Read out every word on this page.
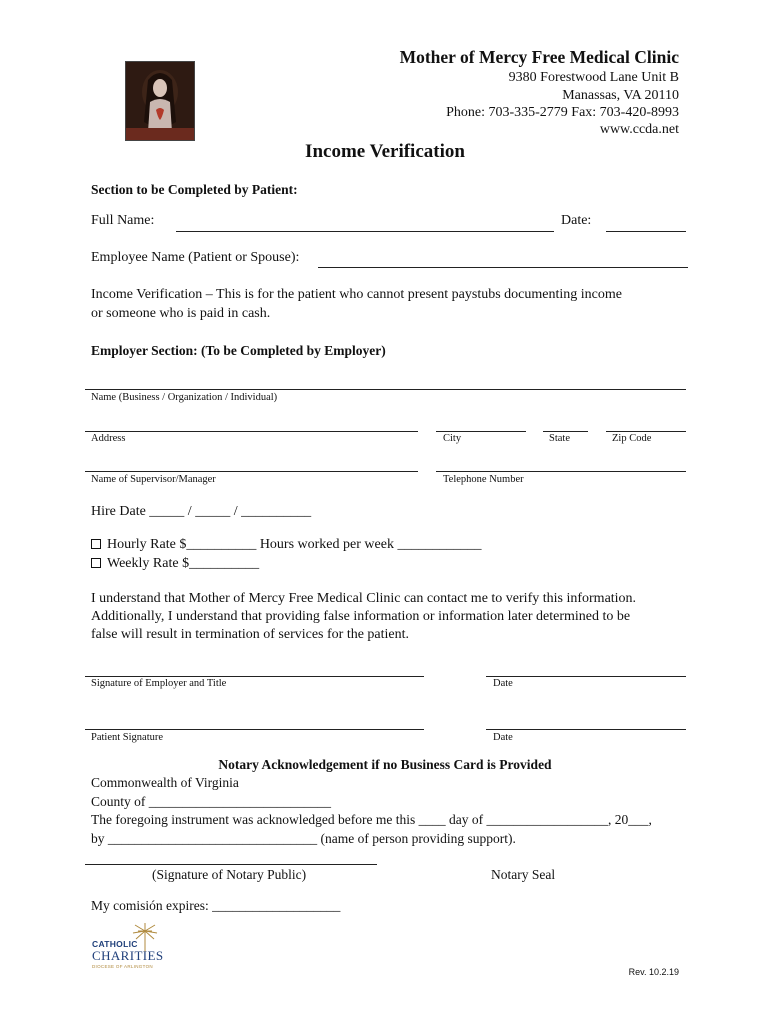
Mother of Mercy Free Medical Clinic
9380 Forestwood Lane Unit B
Manassas, VA 20110
Phone: 703-335-2779 Fax: 703-420-8993
www.ccda.net
Income Verification
Section to be Completed by Patient:
Full Name:	Date:
Employee Name (Patient or Spouse):
Income Verification – This is for the patient who cannot present paystubs documenting income
or someone who is paid in cash.
Employer Section: (To be Completed by Employer)
Name (Business / Organization / Individual)
Address	City	State	Zip Code
Name of Supervisor/Manager	Telephone Number
Hire Date _____ / _____ / __________
Hourly Rate $__________ Hours worked per week ____________
Weekly Rate $__________
I understand that Mother of Mercy Free Medical Clinic can contact me to verify this information.
Additionally, I understand that providing false information or information later determined to be
false will result in termination of services for the patient.
Signature of Employer and Title	Date
Patient Signature	Date
Notary Acknowledgement if no Business Card is Provided
Commonwealth of Virginia
County of ___________________________
The foregoing instrument was acknowledged before me this ____ day of __________________, 20___,
by _______________________________ (name of person providing support).
(Signature of Notary Public)	Notary Seal
My comisión expires: ___________________
CATHOLIC
CHARITIES
DIOCESE OF ARLINGTON
Rev. 10.2.19
